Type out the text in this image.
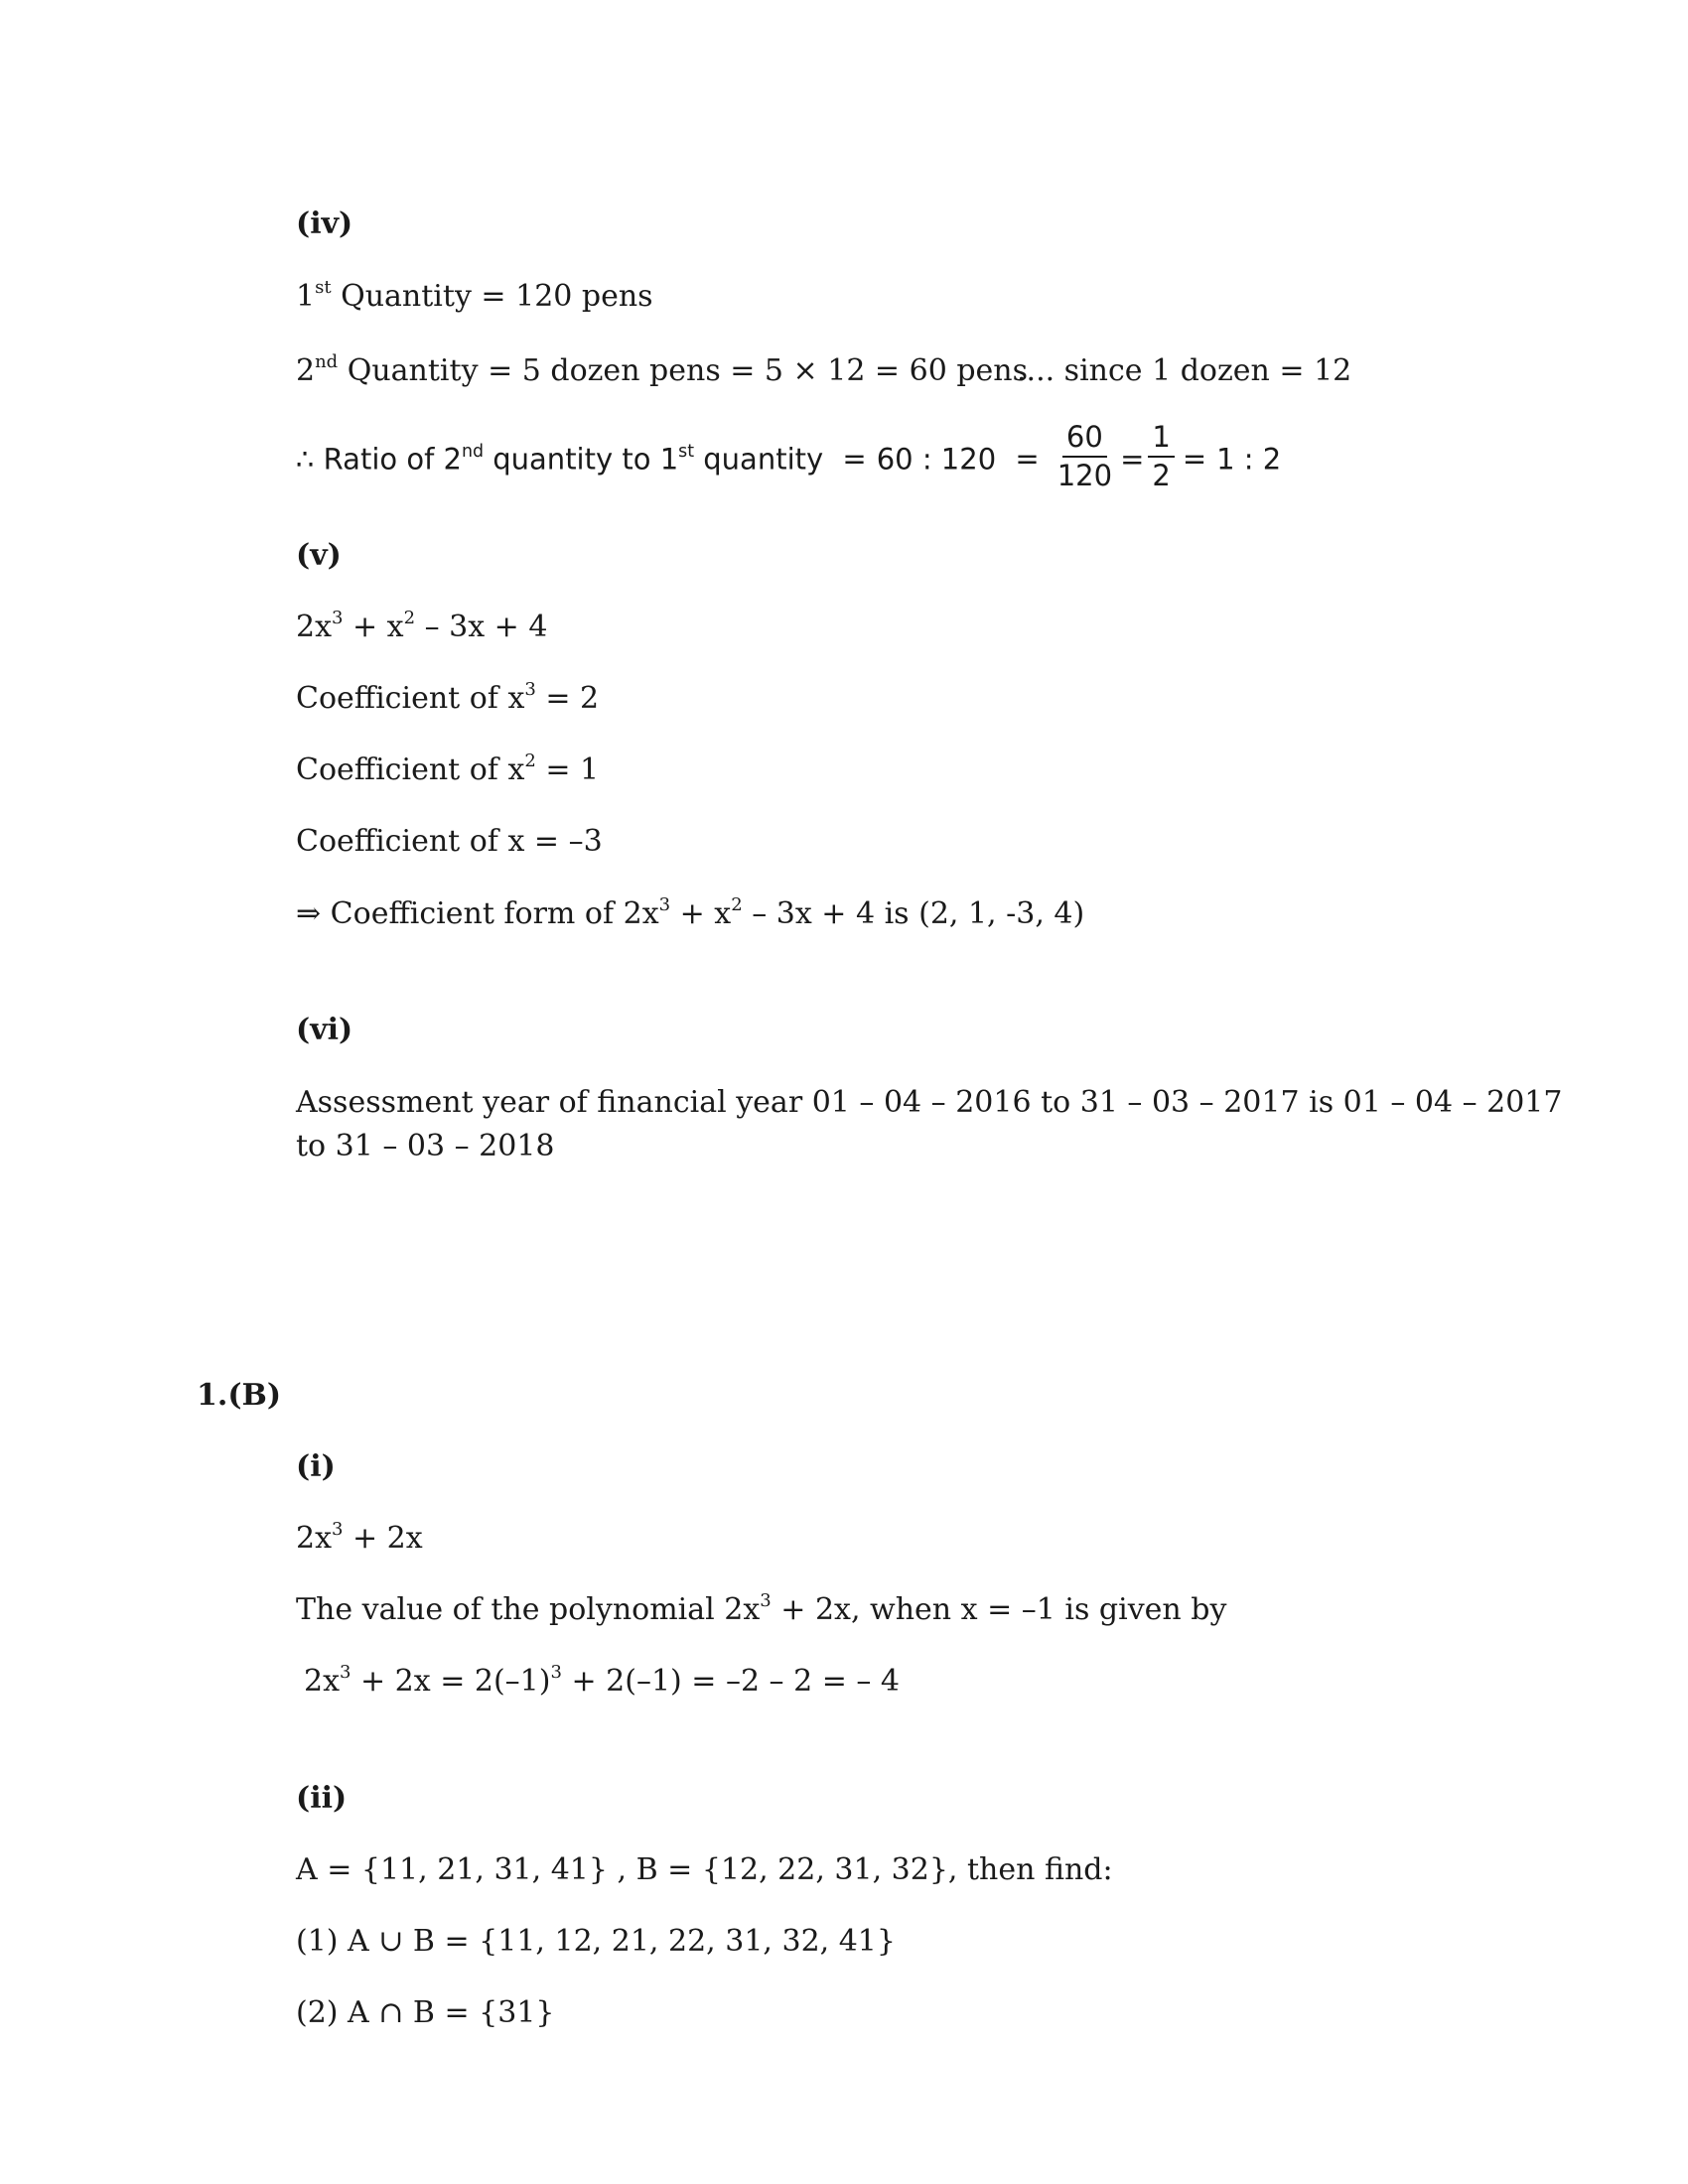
(iv)
1st Quantity = 120 pens
2nd Quantity = 5 dozen pens = 5 × 12 = 60 pens
.... since 1 dozen = 12
∴ Ratio of 2nd quantity to 1st quantity = 60 : $120 = \frac{60}{120} = \frac{1}{2} = 1$ : 2
(v)
$2x^3 + x^2 - 3x + 4$
Coefficient of $x^3 = 2$
Coefficient of $x^2 = 1$
Coefficient of x = –3
⇒ Coefficient form of $2x^3 + x^2 - 3x + 4$ is (2, 1, -3, 4)
(vi)
Assessment year of financial year 01 – 04 – 2016 to 31 – 03 – 2017 is 01 – 04 – 2017
to 31 – 03 – 2018
1.(B)
(i)
$2x^3 + 2x$
The value of the polynomial $2x^3 + 2x$, when x = –1 is given by
$2x^3 + 2x = 2(-1)^3 + 2(-1) = -2 - 2$ = – 4
(ii)
A = {11, 21, 31, 41} , B = {12, 22, 31, 32}, then find:
(1) A ∪ B = {11, 12, 21, 22, 31, 32, 41}
(2) A ∩ B = {31}
